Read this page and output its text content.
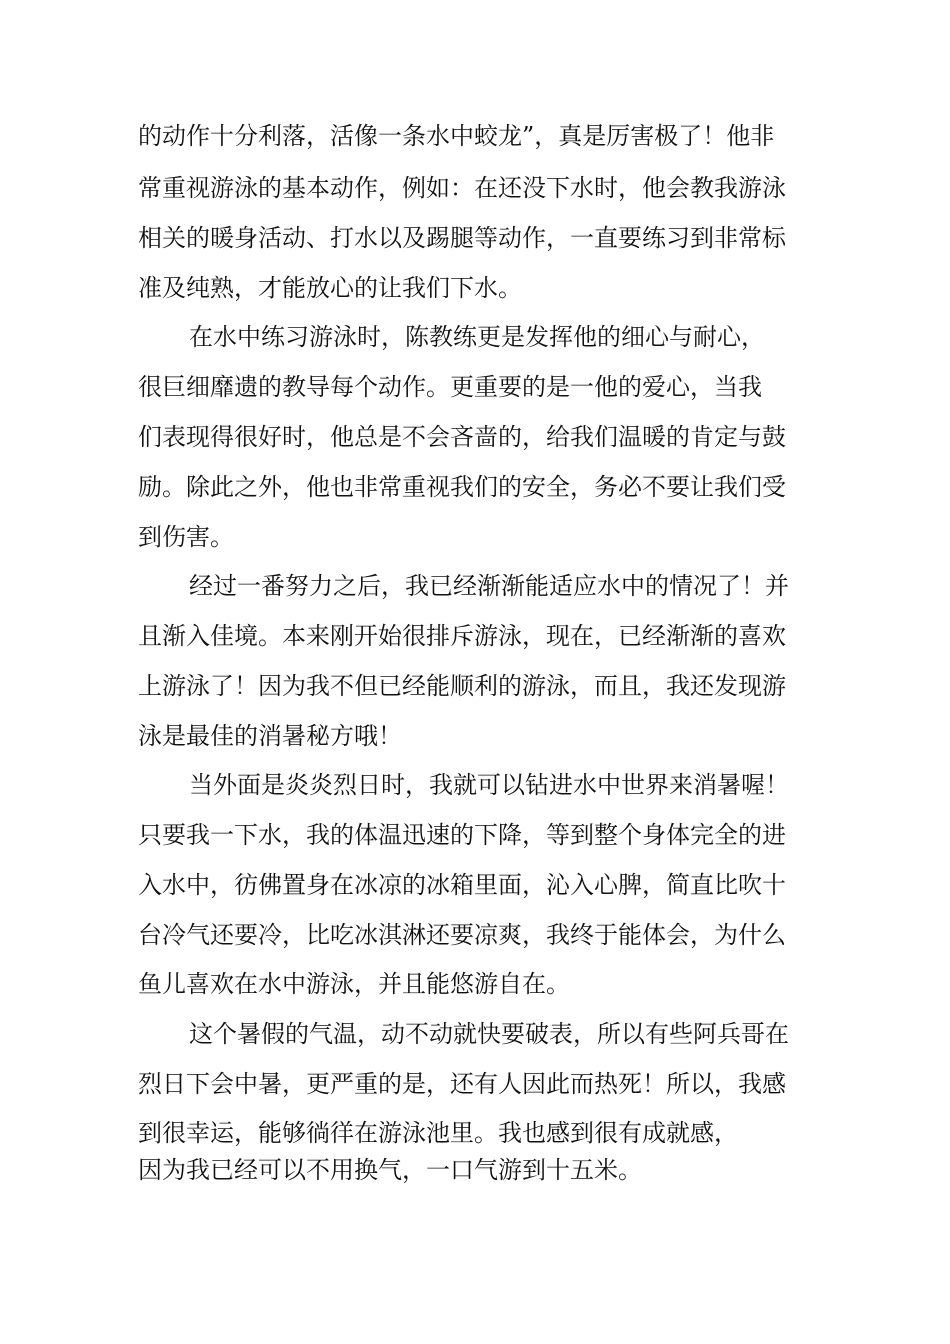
的动作十分利落，活像一条水中蛟龙”，真是厉害极了！他非
常重视游泳的基本动作，例如：在还没下水时，他会教我游泳
相关的暖身活动、打水以及踢腿等动作，一直要练习到非常标
准及纯熟，才能放心的让我们下水。
在水中练习游泳时，陈教练更是发挥他的细心与耐心，
很巨细靡遗的教导每个动作。更重要的是一他的爱心，当我
们表现得很好时，他总是不会吝啬的，给我们温暖的肯定与鼓
励。除此之外，他也非常重视我们的安全，务必不要让我们受
到伤害。
经过一番努力之后，我已经渐渐能适应水中的情况了！并
且渐入佳境。本来刚开始很排斥游泳，现在，已经渐渐的喜欢
上游泳了！因为我不但已经能顺利的游泳，而且，我还发现游
泳是最佳的消暑秘方哦！
当外面是炎炎烈日时，我就可以钻进水中世界来消暑喔！
只要我一下水，我的体温迅速的下降，等到整个身体完全的进
入水中，彷佛置身在冰凉的冰箱里面，沁入心脾，简直比吹十
台冷气还要冷，比吃冰淇淋还要凉爽，我终于能体会，为什么
鱼儿喜欢在水中游泳，并且能悠游自在。
这个暑假的气温，动不动就快要破表，所以有些阿兵哥在
烈日下会中暑，更严重的是，还有人因此而热死！所以，我感
到很幸运，能够徜徉在游泳池里。我也感到很有成就感，
因为我已经可以不用换气，一口气游到十五米。
